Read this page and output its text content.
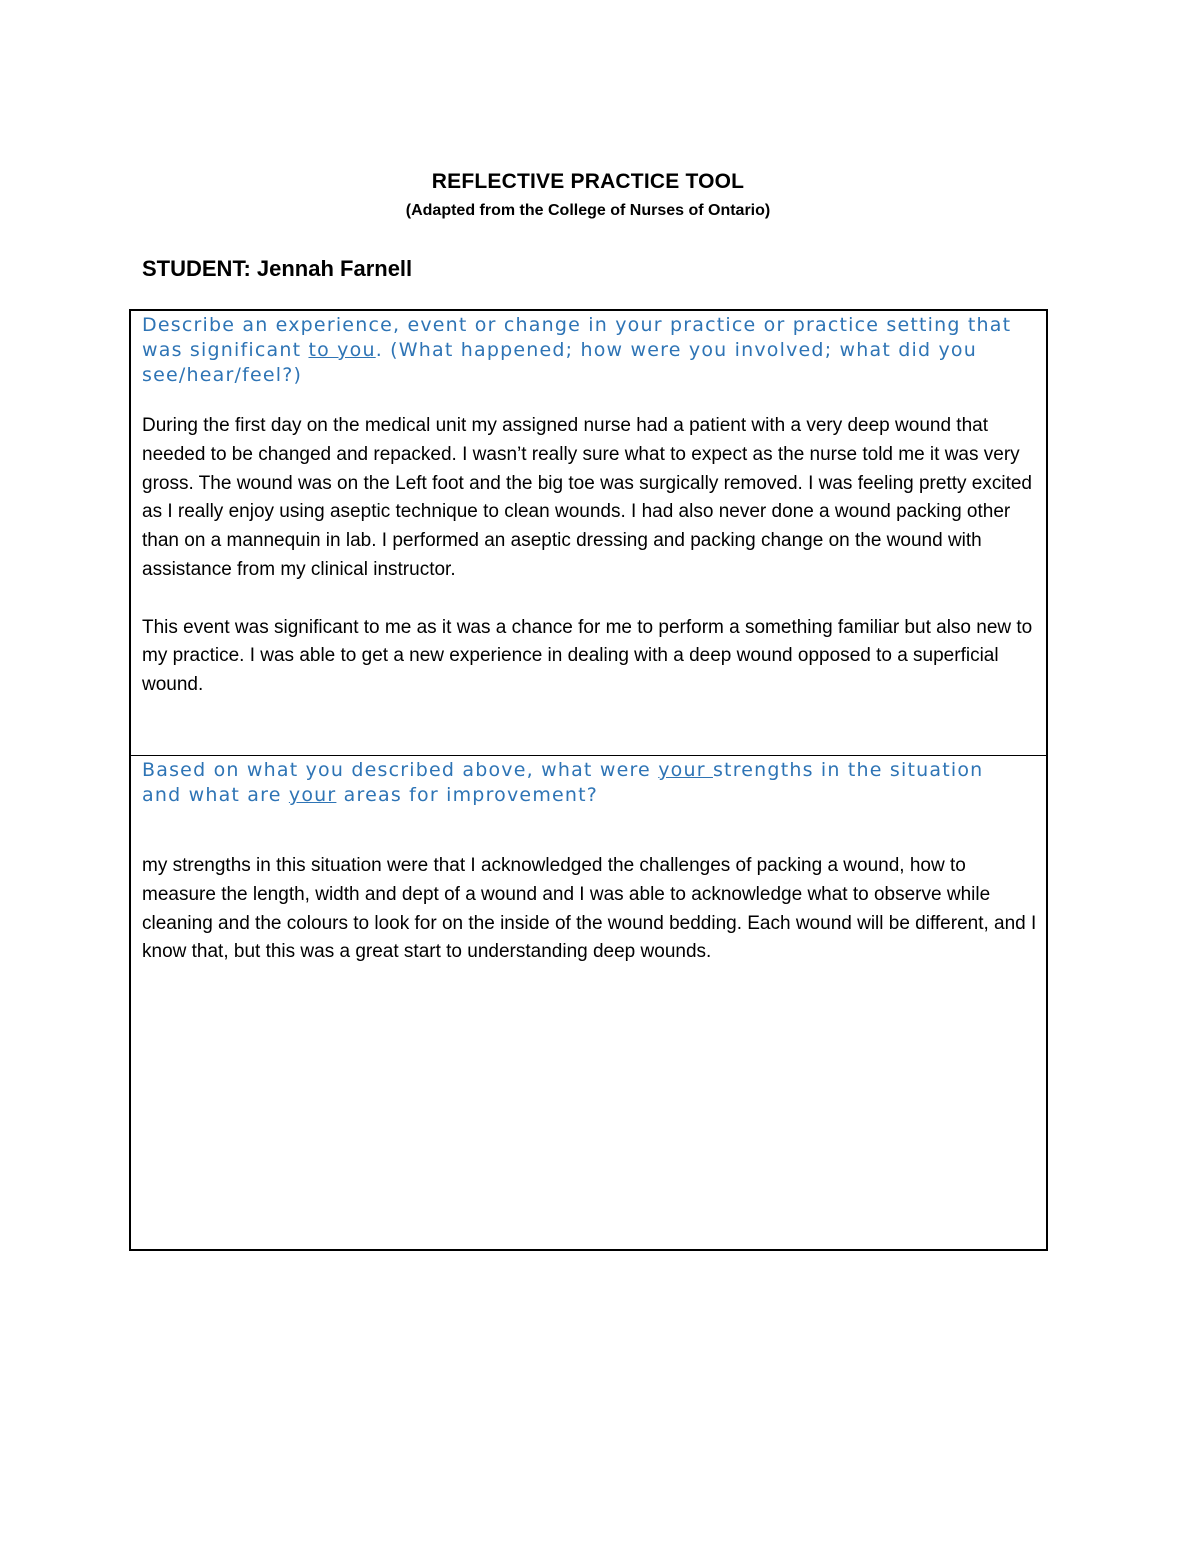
REFLECTIVE PRACTICE TOOL
(Adapted from the College of Nurses of Ontario)
STUDENT: Jennah Farnell
Describe an experience, event or change in your practice or practice setting that was significant to you. (What happened; how were you involved; what did you see/hear/feel?)

During the first day on the medical unit my assigned nurse had a patient with a very deep wound that needed to be changed and repacked. I wasn’t really sure what to expect as the nurse told me it was very gross. The wound was on the Left foot and the big toe was surgically removed. I was feeling pretty excited as I really enjoy using aseptic technique to clean wounds. I had also never done a wound packing other than on a mannequin in lab. I performed an aseptic dressing and packing change on the wound with assistance from my clinical instructor.

This event was significant to me as it was a chance for me to perform a something familiar but also new to my practice. I was able to get a new experience in dealing with a deep wound opposed to a superficial wound.

Based on what you described above, what were your strengths in the situation and what are your areas for improvement?

my strengths in this situation were that I acknowledged the challenges of packing a wound, how to measure the length, width and dept of a wound and I was able to acknowledge what to observe while cleaning and the colours to look for on the inside of the wound bedding. Each wound will be different, and I know that, but this was a great start to understanding deep wounds.
